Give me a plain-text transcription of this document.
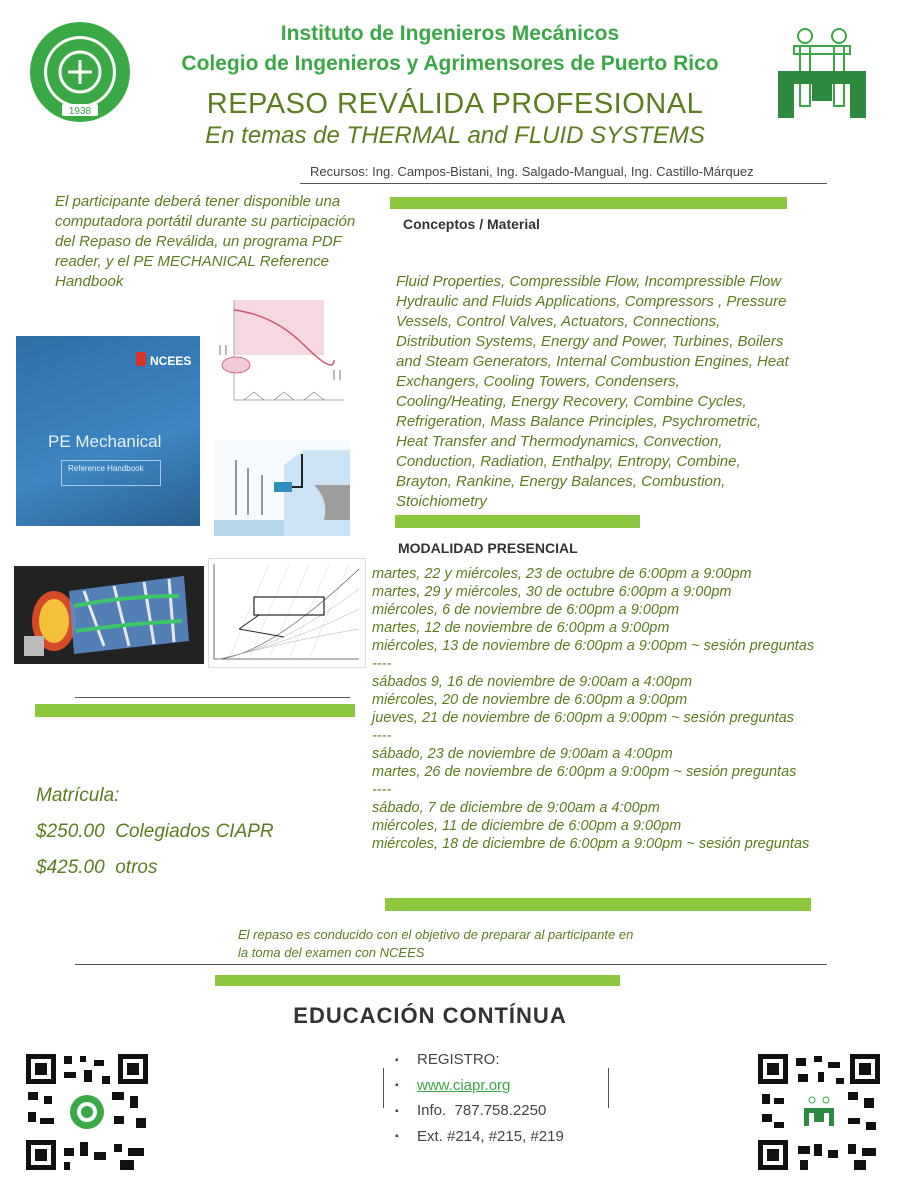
1938
Instituto de Ingenieros Mecánicos
Colegio de Ingenieros y Agrimensores de Puerto Rico
REPASO REVÁLIDA PROFESIONAL
En temas de THERMAL and FLUID SYSTEMS
Recursos: Ing. Campos-Bistani, Ing. Salgado-Mangual, Ing. Castillo-Márquez
El participante deberá tener disponible una computadora portátil durante su participación del Repaso de Reválida, un programa PDF reader, y el PE MECHANICAL Reference Handbook
Conceptos / Material
Fluid Properties, Compressible Flow, Incompressible Flow
Hydraulic and Fluids Applications, Compressors , Pressure
Vessels, Control Valves, Actuators, Connections,
Distribution Systems, Energy and Power, Turbines, Boilers
and Steam Generators, Internal Combustion Engines, Heat
Exchangers, Cooling Towers, Condensers,
Cooling/Heating, Energy Recovery, Combine Cycles,
Refrigeration, Mass Balance Principles, Psychrometric,
Heat Transfer and Thermodynamics, Convection,
Conduction, Radiation, Enthalpy, Entropy, Combine,
Brayton, Rankine, Energy Balances, Combustion,
Stoichiometry
NCEES
PE Mechanical
Reference Handbook
MODALIDAD PRESENCIAL
martes, 22 y miércoles, 23 de octubre de 6:00pm a 9:00pm
martes, 29 y miércoles, 30 de octubre 6:00pm a 9:00pm
miércoles, 6 de noviembre de 6:00pm a 9:00pm
martes, 12 de noviembre de 6:00pm a 9:00pm
miércoles, 13 de noviembre de 6:00pm a 9:00pm ~ sesión preguntas
----
sábados 9, 16 de noviembre de 9:00am a 4:00pm
miércoles, 20 de noviembre de 6:00pm a 9:00pm
jueves, 21 de noviembre de 6:00pm a 9:00pm ~ sesión preguntas
----
sábado, 23 de noviembre de 9:00am a 4:00pm
martes, 26 de noviembre de 6:00pm a 9:00pm ~ sesión preguntas
----
sábado, 7 de diciembre de 9:00am a 4:00pm
miércoles, 11 de diciembre de 6:00pm a 9:00pm
miércoles, 18 de diciembre de 6:00pm a 9:00pm ~ sesión preguntas
Matrícula:
$250.00  Colegiados CIAPR
$425.00  otros
El repaso es conducido con el objetivo de preparar al participante en la toma del examen con NCEES
EDUCACIÓN CONTÍNUA
▪ REGISTRO:
▪ www.ciapr.org
▪ Info.  787.758.2250
▪ Ext. #214, #215, #219
